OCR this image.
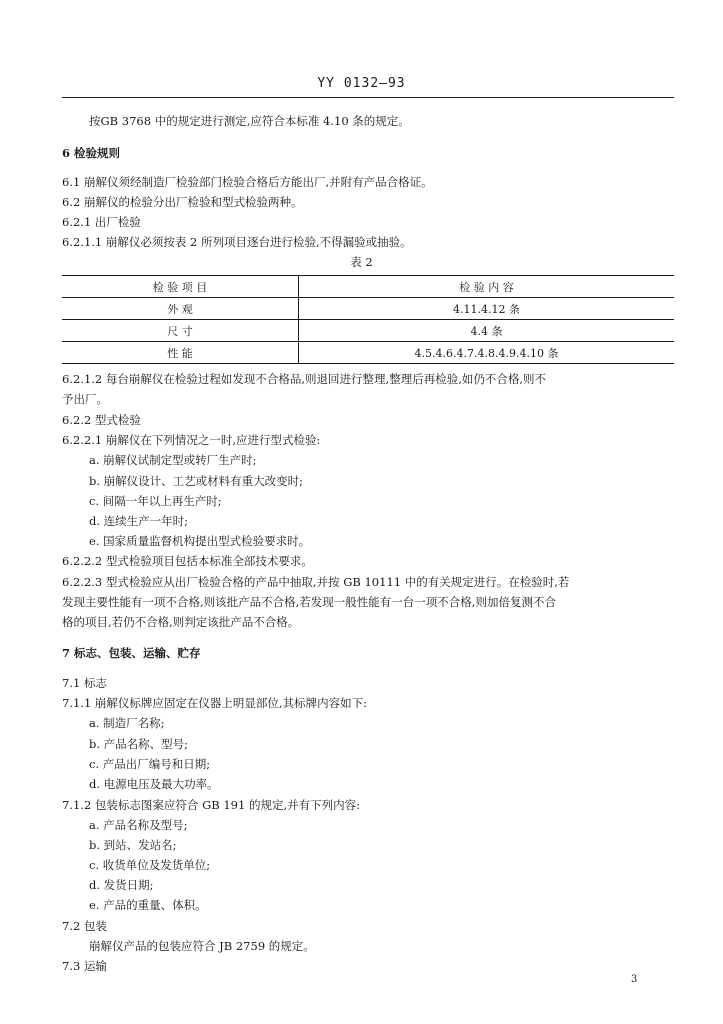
YY 0132—93
按GB 3768 中的规定进行测定,应符合本标准 4.10 条的规定。
6 检验规则
6.1 崩解仪须经制造厂检验部门检验合格后方能出厂,并附有产品合格证。
6.2 崩解仪的检验分出厂检验和型式检验两种。
6.2.1 出厂检验
6.2.1.1 崩解仪必须按表 2 所列项目逐台进行检验,不得漏验或抽验。
表 2
检 验 项 目	检 验 内 容
外 观	4.11.4.12 条
尺 寸	4.4 条
性 能	4.5.4.6.4.7.4.8.4.9.4.10 条
6.2.1.2 每台崩解仪在检验过程如发现不合格品,则退回进行整理,整理后再检验,如仍不合格,则不
予出厂。
6.2.2 型式检验
6.2.2.1 崩解仪在下列情况之一时,应进行型式检验:
a. 崩解仪试制定型或转厂生产时;
b. 崩解仪设计、工艺或材料有重大改变时;
c. 间隔一年以上再生产时;
d. 连续生产一年时;
e. 国家质量监督机构提出型式检验要求时。
6.2.2.2 型式检验项目包括本标准全部技术要求。
6.2.2.3 型式检验应从出厂检验合格的产品中抽取,并按 GB 10111 中的有关规定进行。在检验时,若
发现主要性能有一项不合格,则该批产品不合格,若发现一般性能有一台一项不合格,则加倍复测不合
格的项目,若仍不合格,则判定该批产品不合格。
7 标志、包装、运输、贮存
7.1 标志
7.1.1 崩解仪标牌应固定在仪器上明显部位,其标牌内容如下:
a. 制造厂名称;
b. 产品名称、型号;
c. 产品出厂编号和日期;
d. 电源电压及最大功率。
7.1.2 包装标志图案应符合 GB 191 的规定,并有下列内容:
a. 产品名称及型号;
b. 到站、发站名;
c. 收货单位及发货单位;
d. 发货日期;
e. 产品的重量、体积。
7.2 包装
崩解仪产品的包装应符合 JB 2759 的规定。
7.3 运输
3
